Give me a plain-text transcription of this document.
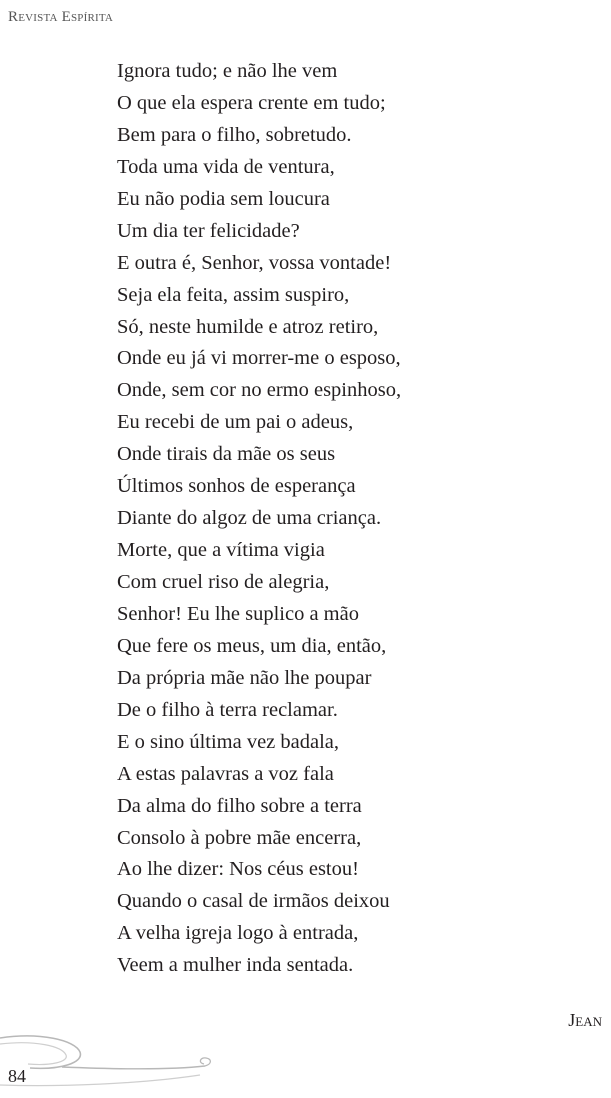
Revista Espírita
Ignora tudo; e não lhe vem
O que ela espera crente em tudo;
Bem para o filho, sobretudo.
Toda uma vida de ventura,
Eu não podia sem loucura
Um dia ter felicidade?
E outra é, Senhor, vossa vontade!
Seja ela feita, assim suspiro,
Só, neste humilde e atroz retiro,
Onde eu já vi morrer-me o esposo,
Onde, sem cor no ermo espinhoso,
Eu recebi de um pai o adeus,
Onde tirais da mãe os seus
Últimos sonhos de esperança
Diante do algoz de uma criança.
Morte, que a vítima vigia
Com cruel riso de alegria,
Senhor! Eu lhe suplico a mão
Que fere os meus, um dia, então,
Da própria mãe não lhe poupar
De o filho à terra reclamar.
E o sino última vez badala,
A estas palavras a voz fala
Da alma do filho sobre a terra
Consolo à pobre mãe encerra,
Ao lhe dizer: Nos céus estou!
Quando o casal de irmãos deixou
A velha igreja logo à entrada,
Veem a mulher inda sentada.
Jean
84
